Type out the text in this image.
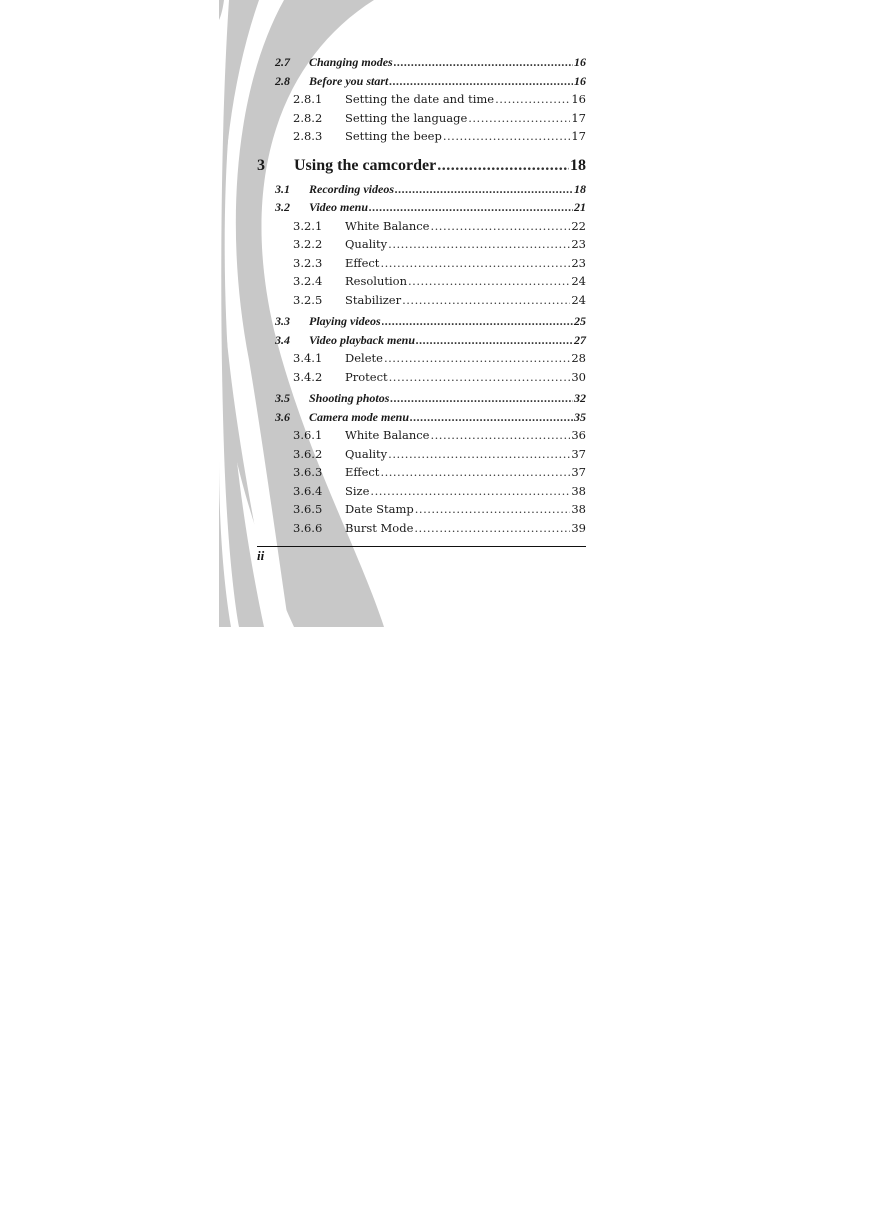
2.7	Changing modes .....	16
2.8	Before you start .....	16
2.8.1	Setting the date and time .....	16
2.8.2	Setting the language .....	17
2.8.3	Setting the beep .....	17
3	Using the camcorder .....	18
3.1	Recording videos .....	18
3.2	Video menu .....	21
3.2.1	White Balance .....	22
3.2.2	Quality .....	23
3.2.3	Effect .....	23
3.2.4	Resolution .....	24
3.2.5	Stabilizer .....	24
3.3	Playing videos .....	25
3.4	Video playback menu .....	27
3.4.1	Delete .....	28
3.4.2	Protect .....	30
3.5	Shooting photos .....	32
3.6	Camera mode menu .....	35
3.6.1	White Balance .....	36
3.6.2	Quality .....	37
3.6.3	Effect .....	37
3.6.4	Size .....	38
3.6.5	Date Stamp .....	38
3.6.6	Burst Mode .....	39
ii
